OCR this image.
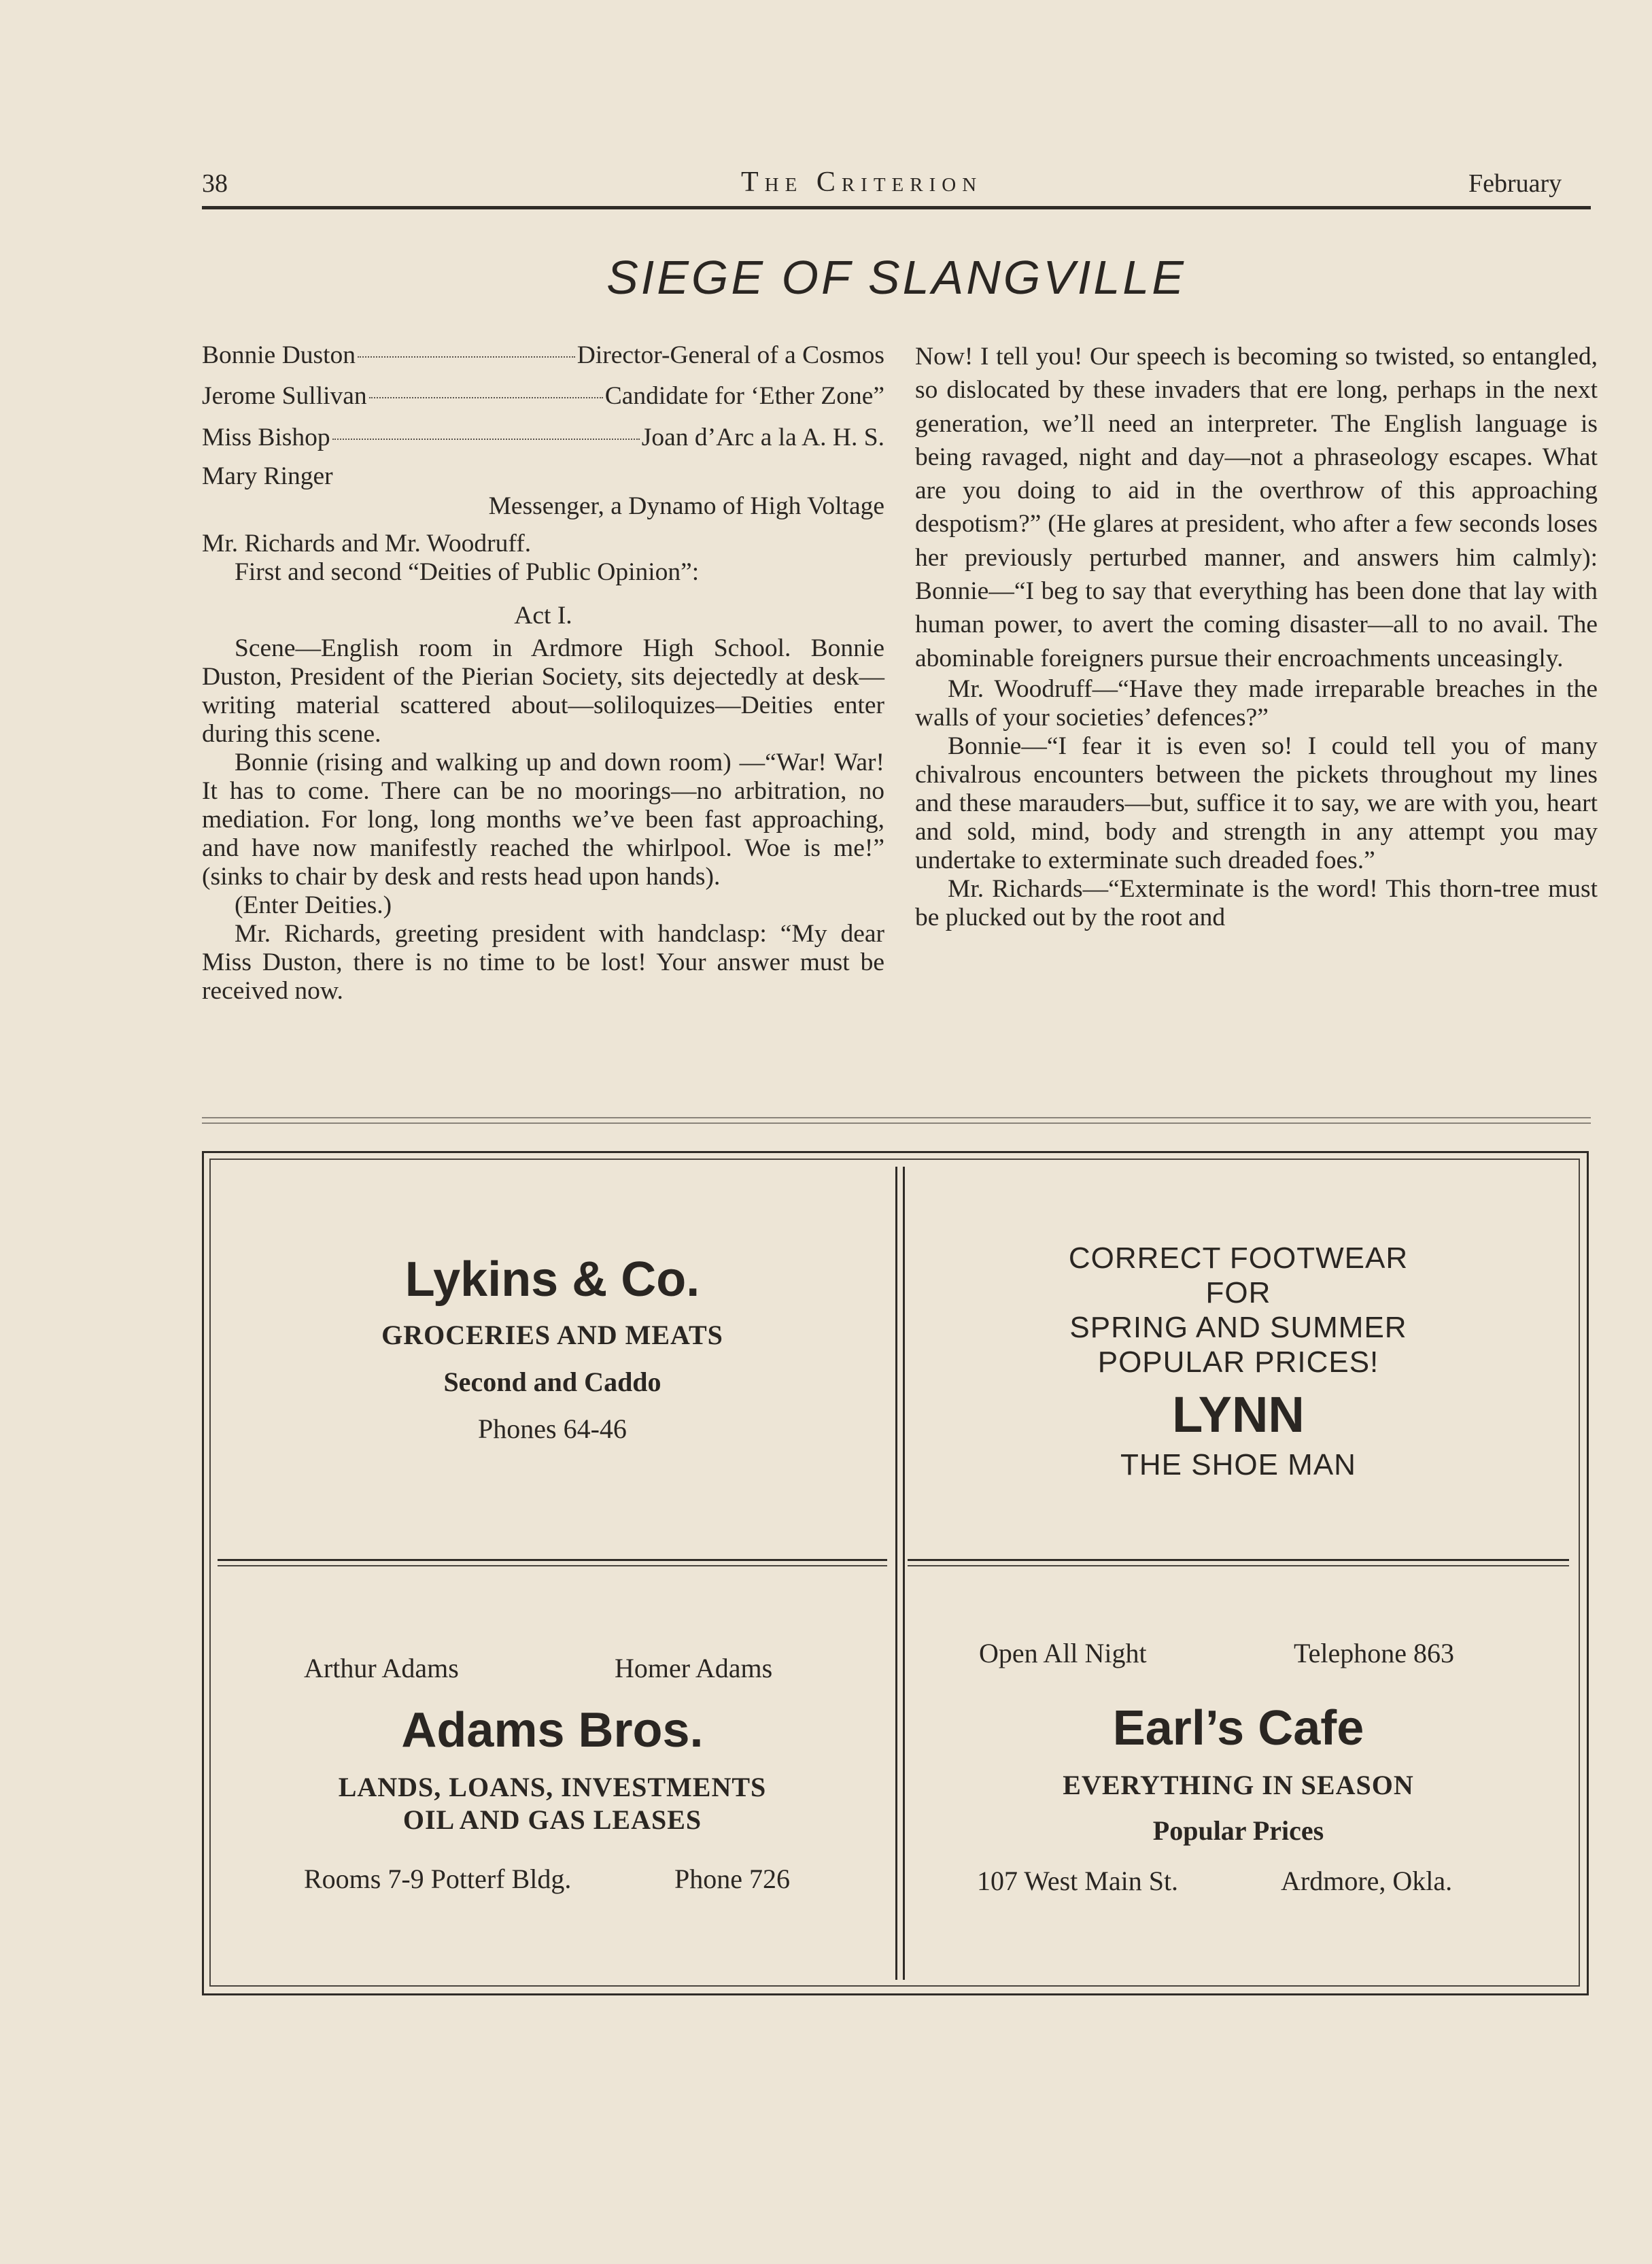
38	The Criterion	February
SIEGE OF SLANGVILLE
Bonnie Duston	Director-General of a Cosmos
Jerome Sullivan	Candidate for ‘Ether Zone”
Miss Bishop	Joan d’Arc a la A. H. S.
Mary Ringer
Messenger, a Dynamo of High Voltage
Mr. Richards and Mr. Woodruff.
First and second “Deities of Public Opinion”:
Act I.

Scene—English room in Ardmore High School. Bonnie Duston, President of the Pierian Society, sits dejectedly at desk—writing material scattered about—soliloquizes—Deities enter during this scene.

Bonnie (rising and walking up and down room) —“War! War! It has to come. There can be no moorings—no arbitration, no mediation. For long, long months we’ve been fast approaching, and have now manifestly reached the whirlpool. Woe is me!” (sinks to chair by desk and rests head upon hands).

(Enter Deities.)

Mr. Richards, greeting president with handclasp: “My dear Miss Duston, there is no time to be lost! Your answer must be received now.

Now! I tell you! Our speech is becoming so twisted, so entangled, so dislocated by these invaders that ere long, perhaps in the next generation, we’ll need an interpreter. The English language is being ravaged, night and day—not a phraseology escapes. What are you doing to aid in the overthrow of this approaching despotism?” (He glares at president, who after a few seconds loses her previously perturbed manner, and answers him calmly): Bonnie—“I beg to say that everything has been done that lay with human power, to avert the coming disaster—all to no avail. The abominable foreigners pursue their encroachments unceasingly.

Mr. Woodruff—“Have they made irreparable breaches in the walls of your societies’ defences?”

Bonnie—“I fear it is even so! I could tell you of many chivalrous encounters between the pickets throughout my lines and these marauders—but, suffice it to say, we are with you, heart and sold, mind, body and strength in any attempt you may undertake to exterminate such dreaded foes.”

Mr. Richards—“Exterminate is the word! This thorn-tree must be plucked out by the root and

Lykins & Co.
GROCERIES AND MEATS
Second and Caddo
Phones 64-46
CORRECT FOOTWEAR
FOR
SPRING AND SUMMER
POPULAR PRICES!
LYNN
THE SHOE MAN
Arthur Adams	Homer Adams
Adams Bros.
LANDS, LOANS, INVESTMENTS
OIL AND GAS LEASES
Rooms 7-9 Potterf Bldg.	Phone 726
Open All Night	Telephone 863
Earl’s Cafe
EVERYTHING IN SEASON
Popular Prices
107 West Main St.	Ardmore, Okla.
